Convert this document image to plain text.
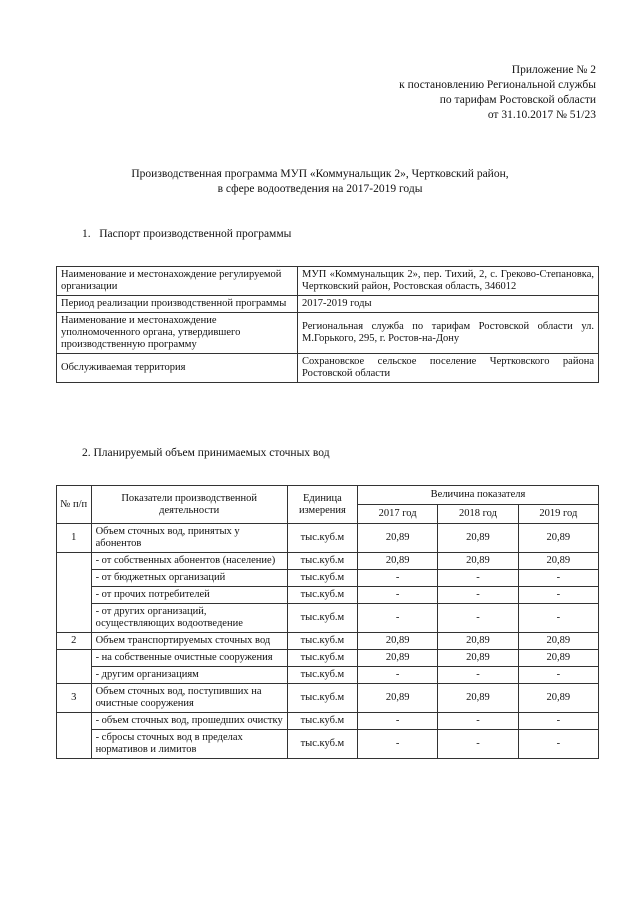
Приложение № 2
к постановлению Региональной службы
по тарифам Ростовской области
от 31.10.2017 № 51/23
Производственная программа МУП «Коммунальщик 2», Чертковский район,
в сфере водоотведения на 2017-2019 годы
1. Паспорт производственной программы
Наименование и местонахождение регулируемой организации	МУП «Коммунальщик 2», пер. Тихий, 2, с. Греково-Степановка, Чертковский район, Ростовская область, 346012
Период реализации производственной программы	2017-2019 годы
Наименование и местонахождение уполномоченного органа, утвердившего производственную программу	Региональная служба по тарифам Ростовской области ул. М.Горького, 295, г. Ростов-на-Дону
Обслуживаемая территория	Сохрановское сельское поселение Чертковского района Ростовской области
2. Планируемый объем принимаемых сточных вод
№ п/п	Показатели производственной деятельности	Единица измерения	Величина показателя		
			2017 год	2018 год	2019 год
1	Объем сточных вод, принятых у абонентов	тыс.куб.м	20,89	20,89	20,89
	- от собственных абонентов (население)	тыс.куб.м	20,89	20,89	20,89
	- от бюджетных организаций	тыс.куб.м	-	-	-
	- от прочих потребителей	тыс.куб.м	-	-	-
	- от других организаций, осуществляющих водоотведение	тыс.куб.м	-	-	-
2	Объем транспортируемых сточных вод	тыс.куб.м	20,89	20,89	20,89
	- на собственные очистные сооружения	тыс.куб.м	20,89	20,89	20,89
	- другим организациям	тыс.куб.м	-	-	-
3	Объем сточных вод, поступивших на очистные сооружения	тыс.куб.м	20,89	20,89	20,89
	- объем сточных вод, прошедших очистку	тыс.куб.м	-	-	-
	- сбросы сточных вод в пределах нормативов и лимитов	тыс.куб.м	-	-	-
